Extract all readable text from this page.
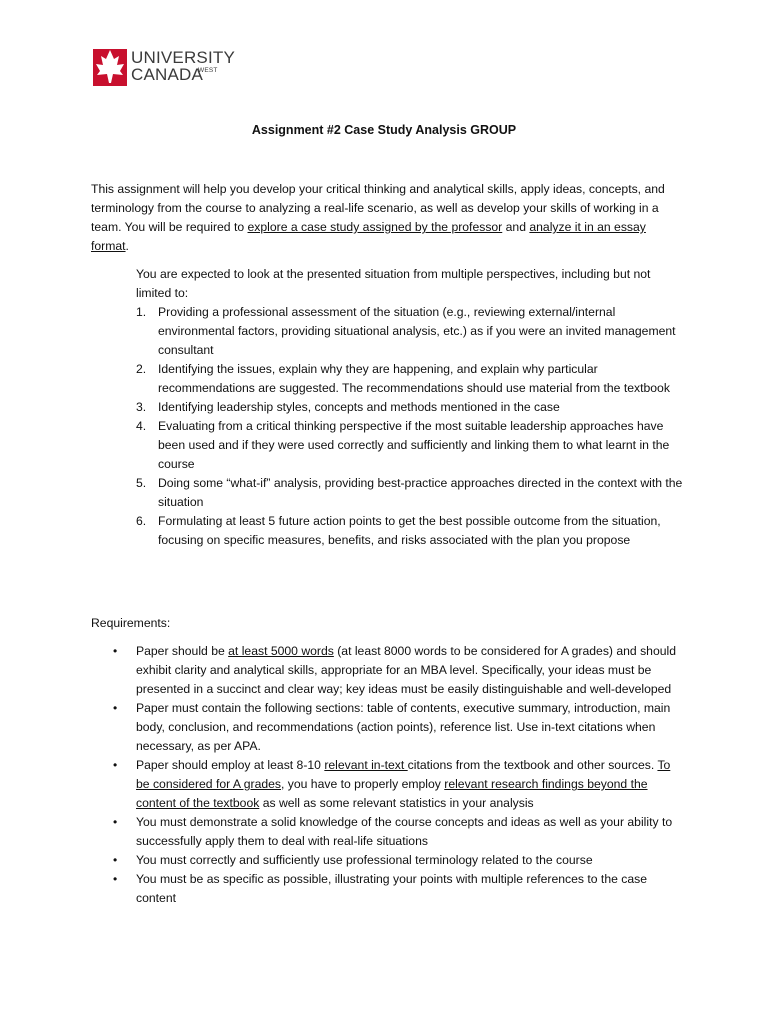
UNIVERSITY
CANADA
WEST
Assignment #2 Case Study Analysis GROUP

This assignment will help you develop your critical thinking and analytical skills, apply ideas, concepts, and terminology from the course to analyzing a real-life scenario, as well as develop your skills of working in a team. You will be required to explore a case study assigned by the professor and analyze it in an essay format.

You are expected to look at the presented situation from multiple perspectives, including but not limited to:
1. Providing a professional assessment of the situation (e.g., reviewing external/internal environmental factors, providing situational analysis, etc.) as if you were an invited management consultant
2. Identifying the issues, explain why they are happening, and explain why particular recommendations are suggested. The recommendations should use material from the textbook
3. Identifying leadership styles, concepts and methods mentioned in the case
4. Evaluating from a critical thinking perspective if the most suitable leadership approaches have been used and if they were used correctly and sufficiently and linking them to what learnt in the course
5. Doing some “what-if” analysis, providing best-practice approaches directed in the context with the situation
6. Formulating at least 5 future action points to get the best possible outcome from the situation, focusing on specific measures, benefits, and risks associated with the plan you propose
Requirements:
• Paper should be at least 5000 words (at least 8000 words to be considered for A grades) and should exhibit clarity and analytical skills, appropriate for an MBA level. Specifically, your ideas must be presented in a succinct and clear way; key ideas must be easily distinguishable and well-developed
• Paper must contain the following sections: table of contents, executive summary, introduction, main body, conclusion, and recommendations (action points), reference list. Use in-text citations when necessary, as per APA.
• Paper should employ at least 8-10 relevant in-text citations from the textbook and other sources. To be considered for A grades, you have to properly employ relevant research findings beyond the content of the textbook as well as some relevant statistics in your analysis
• You must demonstrate a solid knowledge of the course concepts and ideas as well as your ability to successfully apply them to deal with real-life situations
• You must correctly and sufficiently use professional terminology related to the course
• You must be as specific as possible, illustrating your points with multiple references to the case content
